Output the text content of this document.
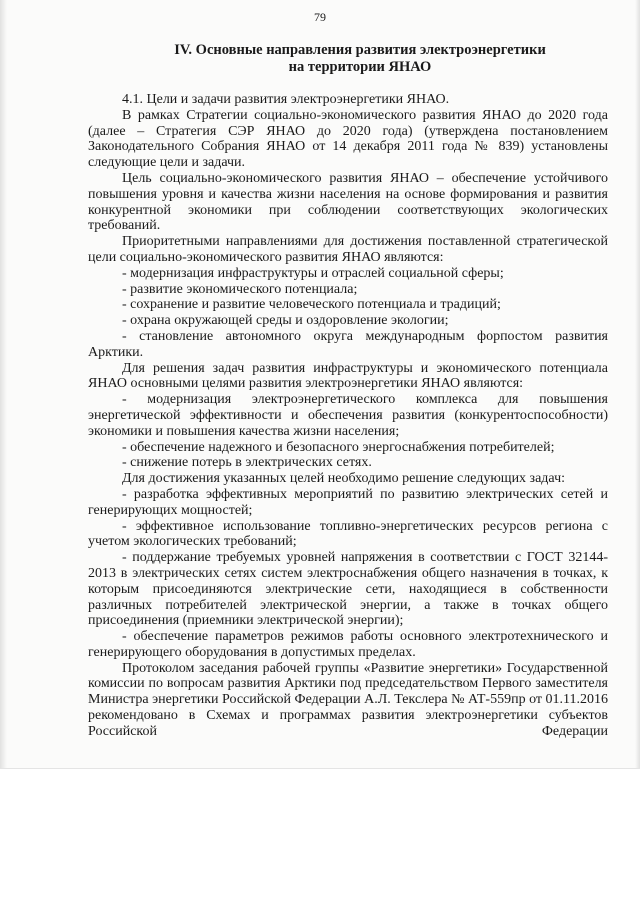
79
IV. Основные направления развития электроэнергетики
на территории ЯНАО

4.1. Цели и задачи развития электроэнергетики ЯНАО.

В рамках Стратегии социально-экономического развития ЯНАО до 2020 года (далее – Стратегия СЭР ЯНАО до 2020 года) (утверждена постановлением Законодательного Собрания ЯНАО от 14 декабря 2011 года № 839) установлены следующие цели и задачи.

Цель социально-экономического развития ЯНАО – обеспечение устойчивого повышения уровня и качества жизни населения на основе формирования и развития конкурентной экономики при соблюдении соответствующих экологических требований.

Приоритетными направлениями для достижения поставленной стратегической цели социально-экономического развития ЯНАО являются:

- модернизация инфраструктуры и отраслей социальной сферы;

- развитие экономического потенциала;

- сохранение и развитие человеческого потенциала и традиций;

- охрана окружающей среды и оздоровление экологии;

- становление автономного округа международным форпостом развития Арктики.

Для решения задач развития инфраструктуры и экономического потенциала ЯНАО основными целями развития электроэнергетики ЯНАО являются:

- модернизация электроэнергетического комплекса для повышения энергетической эффективности и обеспечения развития (конкурентоспособности) экономики и повышения качества жизни населения;

- обеспечение надежного и безопасного энергоснабжения потребителей;

- снижение потерь в электрических сетях.

Для достижения указанных целей необходимо решение следующих задач:

- разработка эффективных мероприятий по развитию электрических сетей и генерирующих мощностей;

- эффективное использование топливно-энергетических ресурсов региона с учетом экологических требований;

- поддержание требуемых уровней напряжения в соответствии с ГОСТ 32144-2013 в электрических сетях систем электроснабжения общего назначения в точках, к которым присоединяются электрические сети, находящиеся в собственности различных потребителей электрической энергии, а также в точках общего присоединения (приемники электрической энергии);

- обеспечение параметров режимов работы основного электротехнического и генерирующего оборудования в допустимых пределах.

Протоколом заседания рабочей группы «Развитие энергетики» Государственной комиссии по вопросам развития Арктики под председательством Первого заместителя Министра энергетики Российской Федерации А.Л. Текслера № АТ-559пр от 01.11.2016 рекомендовано в Схемах и программах развития электроэнергетики субъектов Российской Федерации
